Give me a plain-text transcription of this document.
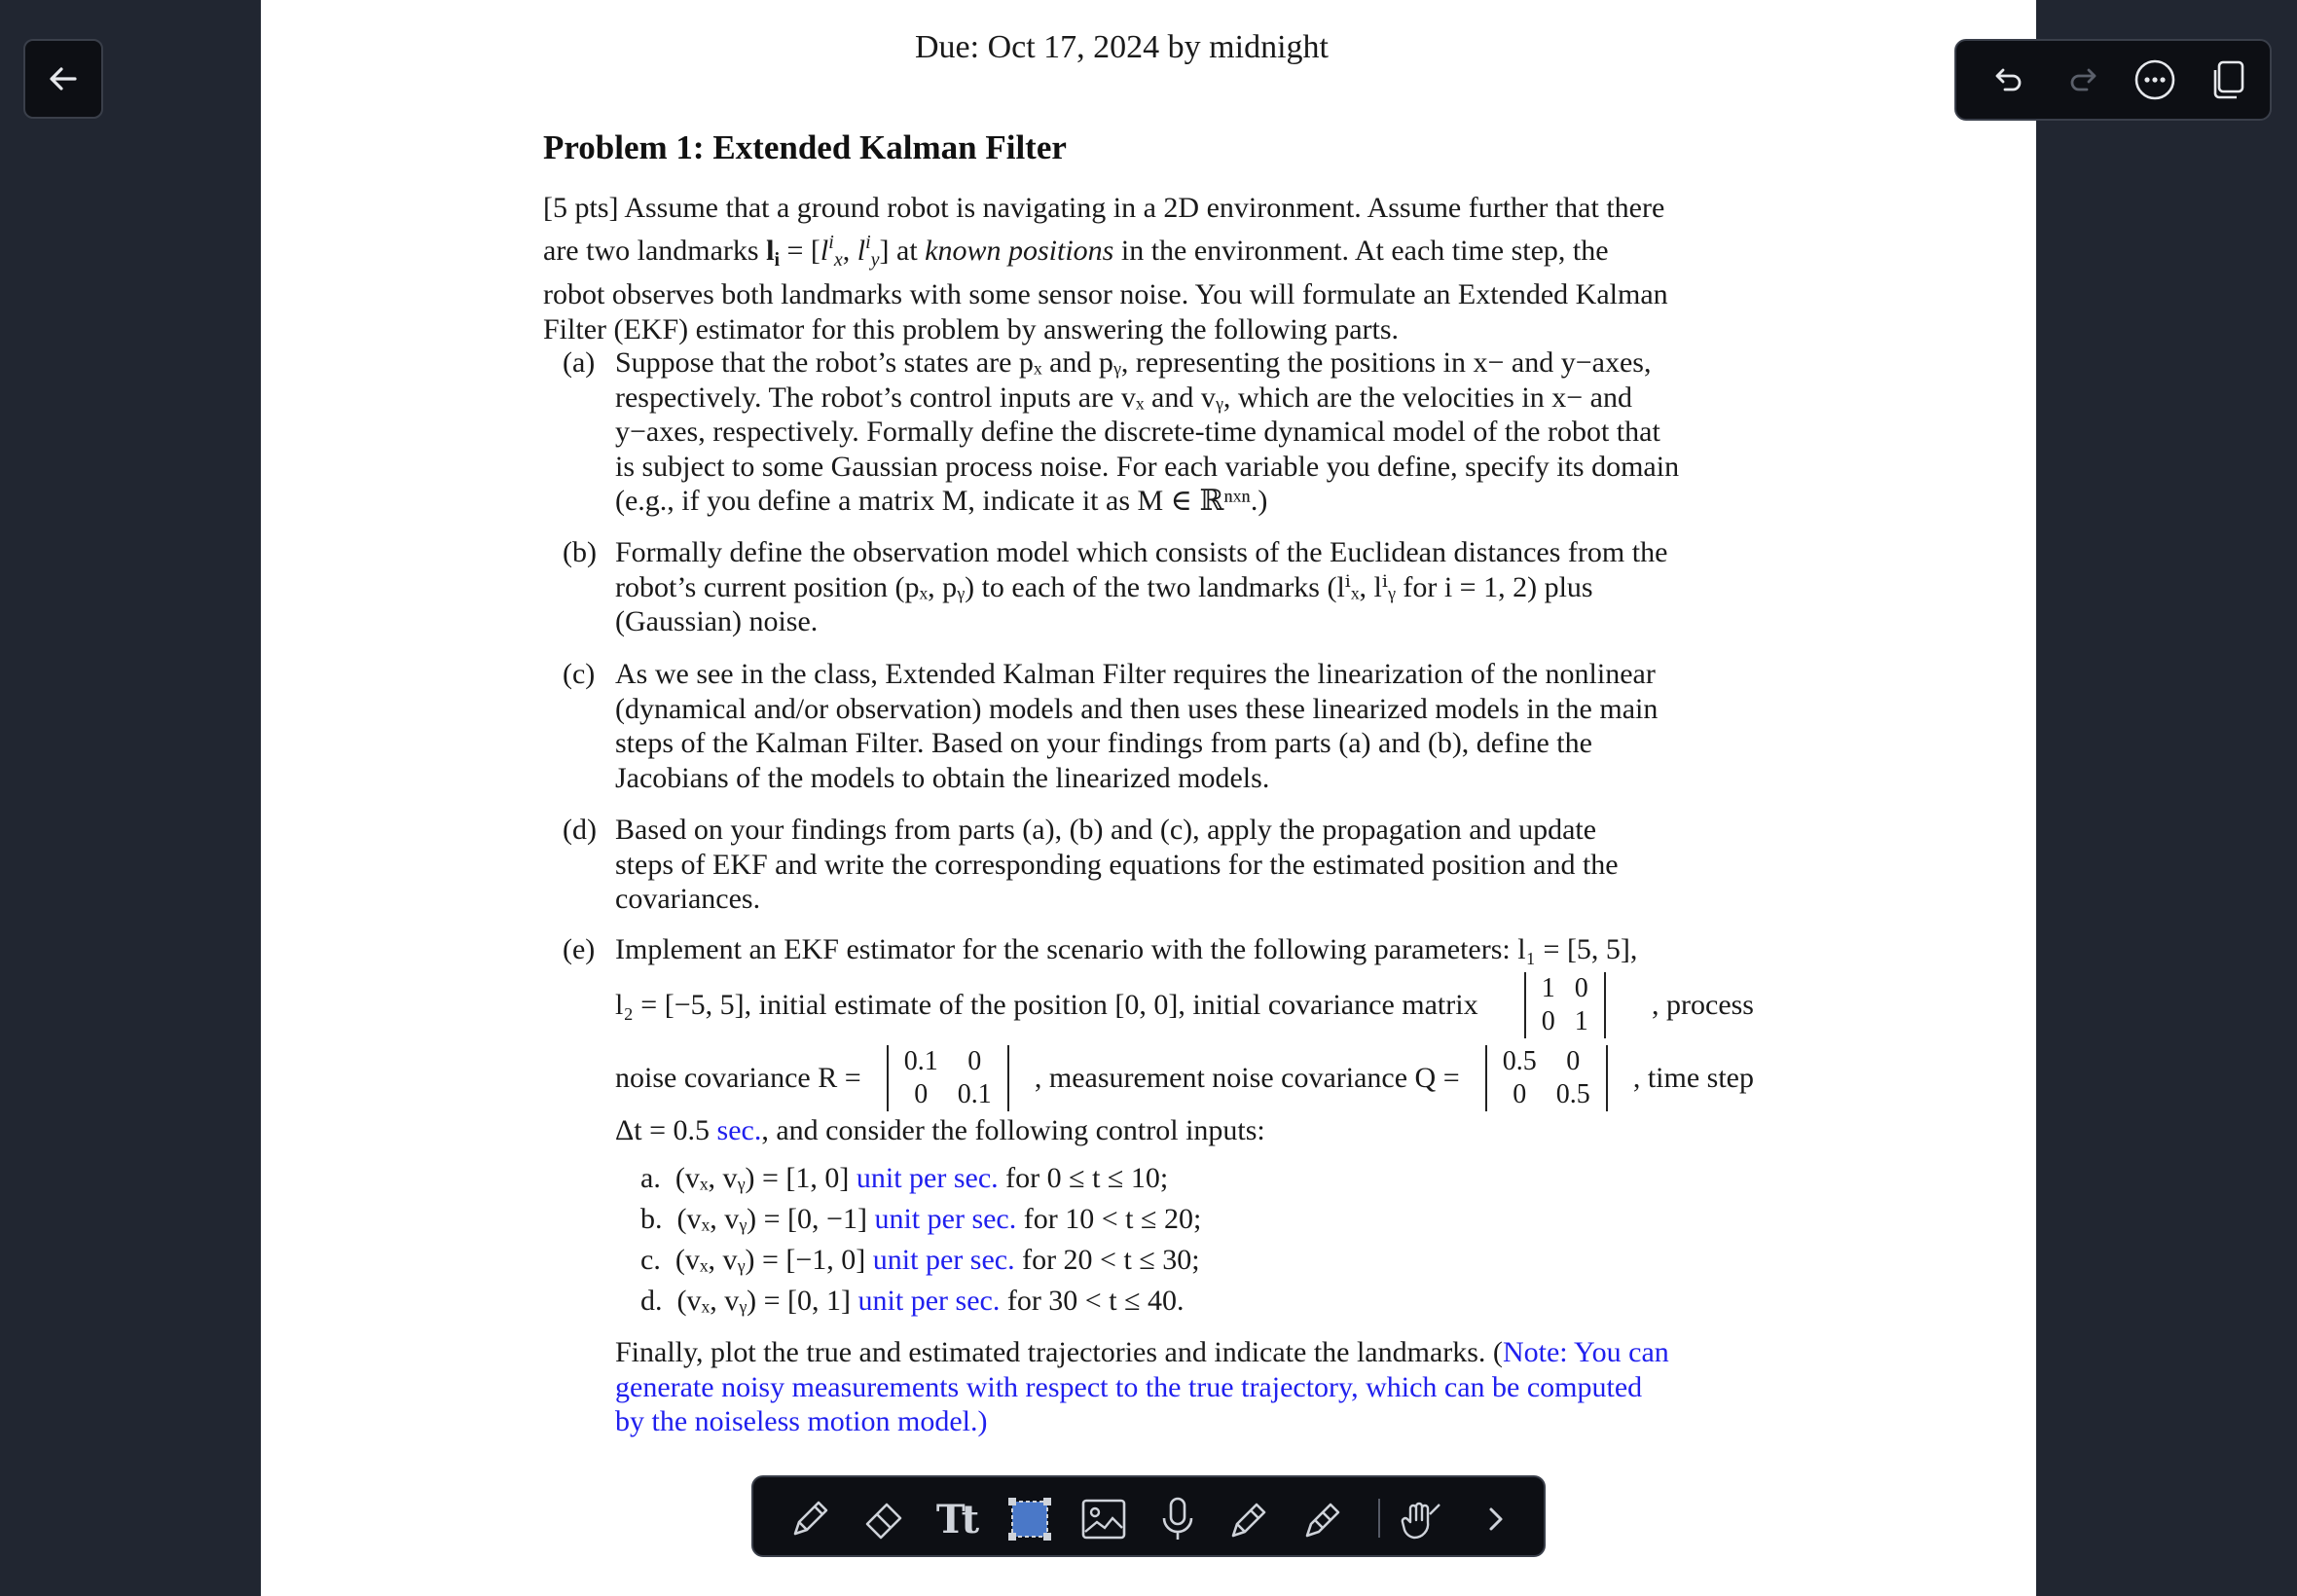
Due: Oct 17, 2024 by midnight
Problem 1: Extended Kalman Filter
[5 pts] Assume that a ground robot is navigating in a 2D environment. Assume further that there
are two landmarks $l_i = [l^i_x$, $l^i_y$] at known positions in the environment. At each time step, the
robot observes both landmarks with some sensor noise. You will formulate an Extended Kalman
Filter (EKF) estimator for this problem by answering the following parts.
(a) Suppose that the robot’s states are pₓ and pᵧ, representing the positions in x− and y−axes,
respectively. The robot’s control inputs are vₓ and vᵧ, which are the velocities in x− and
y−axes, respectively. Formally define the discrete-time dynamical model of the robot that
is subject to some Gaussian process noise. For each variable you define, specify its domain
(e.g., if you define a matrix M, indicate it as M ∈ ℝⁿˣⁿ.)
(b) Formally define the observation model which consists of the Euclidean distances from the
robot’s current position (pₓ, pᵧ) to each of the two landmarks (lⁱₓ, lⁱᵧ for i = 1, 2) plus
(Gaussian) noise.
(c) As we see in the class, Extended Kalman Filter requires the linearization of the nonlinear
(dynamical and/or observation) models and then uses these linearized models in the main
steps of the Kalman Filter. Based on your findings from parts (a) and (b), define the
Jacobians of the models to obtain the linearized models.
(d) Based on your findings from parts (a), (b) and (c), apply the propagation and update
steps of EKF and write the corresponding equations for the estimated position and the
covariances.
(e) Implement an EKF estimator for the scenario with the following parameters: l₁ = [5, 5],
l₂ = [−5, 5], initial estimate of the position [0, 0], initial covariance matrix
1	0
0	1
, process
noise covariance R =
0.1	0
0	0.1
, measurement noise covariance Q =
0.5	0
0	0.5
, time step
Δt = 0.5 sec., and consider the following control inputs:
a. (vₓ, vᵧ) = [1, 0] unit per sec. for 0 ≤ t ≤ 10;
b. (vₓ, vᵧ) = [0, −1] unit per sec. for 10 < t ≤ 20;
c. (vₓ, vᵧ) = [−1, 0] unit per sec. for 20 < t ≤ 30;
d. (vₓ, vᵧ) = [0, 1] unit per sec. for 30 < t ≤ 40.
Finally, plot the true and estimated trajectories and indicate the landmarks. (Note: You can
generate noisy measurements with respect to the true trajectory, which can be computed
by the noiseless motion model.)
Tt
